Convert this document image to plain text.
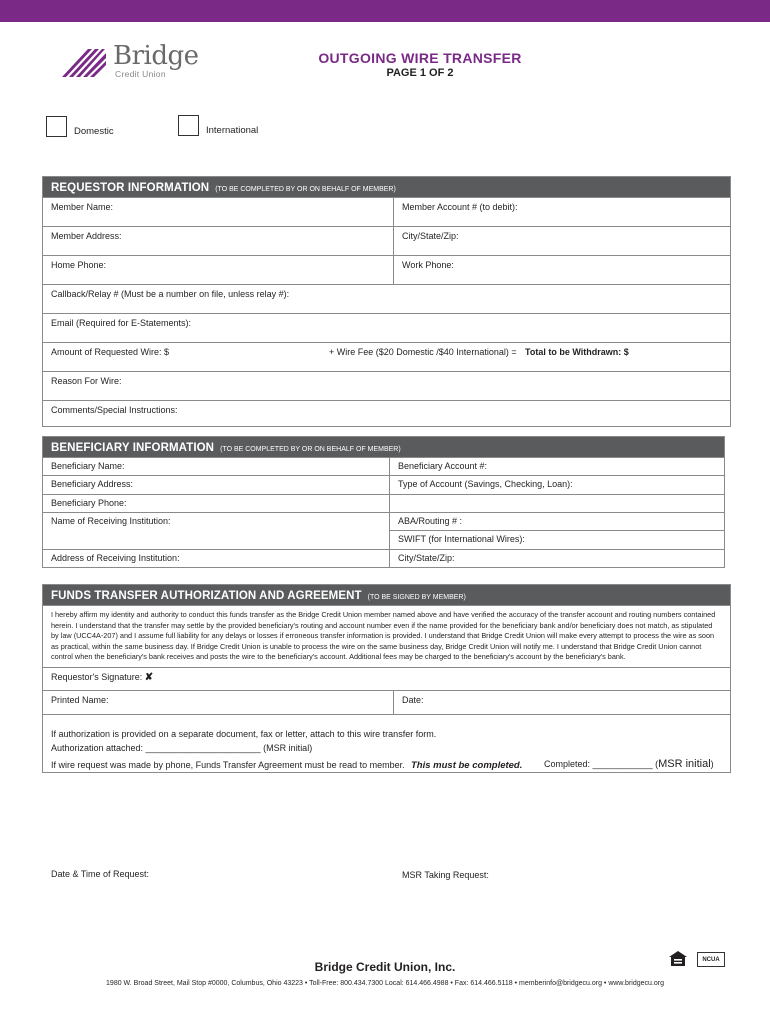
Bridge
Credit Union
OUTGOING WIRE TRANSFER
PAGE 1 OF 2
Domestic	International
REQUESTOR INFORMATION (TO BE COMPLETED BY OR ON BEHALF OF MEMBER)
Member Name:	Member Account # (to debit):
Member Address:	City/State/Zip:
Home Phone:	Work Phone:
Callback/Relay # (Must be a number on file, unless relay #):
Email (Required for E-Statements):
Amount of Requested Wire: $	+ Wire Fee ($20 Domestic /$40 International) = Total to be Withdrawn: $
Reason For Wire:
Comments/Special Instructions:
BENEFICIARY INFORMATION (TO BE COMPLETED BY OR ON BEHALF OF MEMBER)
Beneficiary Name:	Beneficiary Account #:
Beneficiary Address:	Type of Account (Savings, Checking, Loan):
Beneficiary Phone:
Name of Receiving Institution:	ABA/Routing # :
SWIFT (for International Wires):
Address of Receiving Institution:	City/State/Zip:
FUNDS TRANSFER AUTHORIZATION AND AGREEMENT (TO BE SIGNED BY MEMBER)
I hereby affirm my identity and authority to conduct this funds transfer as the Bridge Credit Union member named above and have verified the accuracy of the transfer account and routing numbers contained herein. I understand that the transfer may settle by the provided beneficiary's routing and account number even if the name provided for the beneficiary bank and/or beneficiary does not match, as stipulated by law (UCC4A-207) and I assume full liability for any delays or losses if erroneous transfer information is provided. I understand that Bridge Credit Union will make every attempt to process the wire as soon as practical, within the same business day. If Bridge Credit Union is unable to process the wire on the same business day, Bridge Credit Union will notify me. I understand that Bridge Credit Union cannot control when the beneficiary's bank receives and posts the wire to the beneficiary's account. Additional fees may be charged to the beneficiary's account by the beneficiary's bank.
Requestor's Signature: ✘
Printed Name:	Date:
If authorization is provided on a separate document, fax or letter, attach to this wire transfer form.
Authorization attached: _______________________ (MSR initial)
If wire request was made by phone, Funds Transfer Agreement must be read to member. This must be completed. Completed: ____________ (MSR initial)
Date & Time of Request:	MSR Taking Request:
Bridge Credit Union, Inc.
1980 W. Broad Street, Mail Stop #0000, Columbus, Ohio 43223 • Toll-Free: 800.434.7300 Local: 614.466.4988 • Fax: 614.466.5118 • memberinfo@bridgecu.org • www.bridgecu.org
NCUA
